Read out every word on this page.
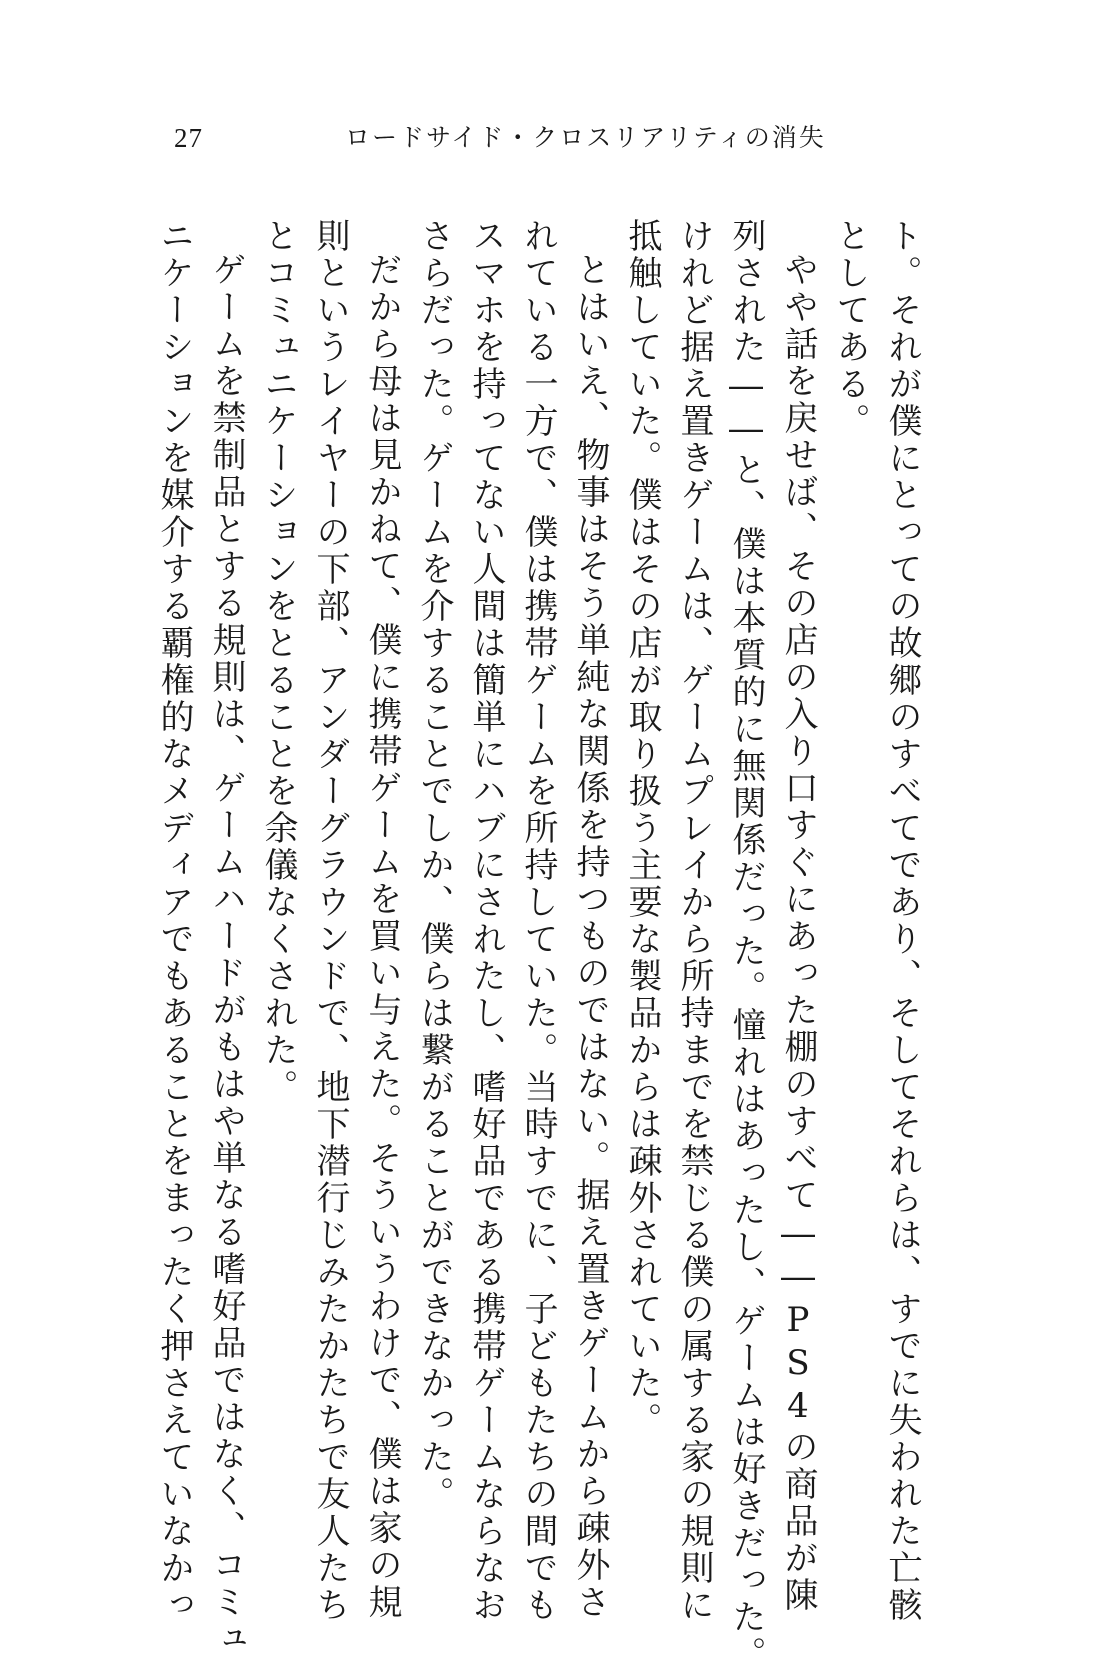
27	ロードサイド・クロスリアリティの消失

ト。それが僕にとっての故郷のすべてであり、そしてそれらは、すでに失われた亡骸

としてある。

やや話を戻せば、その店の入り口すぐにあった棚のすべて――PS4の商品が陳

列された――と、僕は本質的に無関係だった。憧れはあったし、ゲームは好きだった。

けれど据え置きゲームは、ゲームプレイから所持までを禁じる僕の属する家の規則に

抵触していた。僕はその店が取り扱う主要な製品からは疎外されていた。

とはいえ、物事はそう単純な関係を持つものではない。据え置きゲームから疎外さ

れている一方で、僕は携帯ゲームを所持していた。当時すでに、子どもたちの間でも

スマホを持ってない人間は簡単にハブにされたし、嗜好品である携帯ゲームならなお

さらだった。ゲームを介することでしか、僕らは繋がることができなかった。

だから母は見かねて、僕に携帯ゲームを買い与えた。そういうわけで、僕は家の規

則というレイヤーの下部、アンダーグラウンドで、地下潜行じみたかたちで友人たち

とコミュニケーションをとることを余儀なくされた。

ゲームを禁制品とする規則は、ゲームハードがもはや単なる嗜好品ではなく、コミュ

ニケーションを媒介する覇権的なメディアでもあることをまったく押さえていなかっ
